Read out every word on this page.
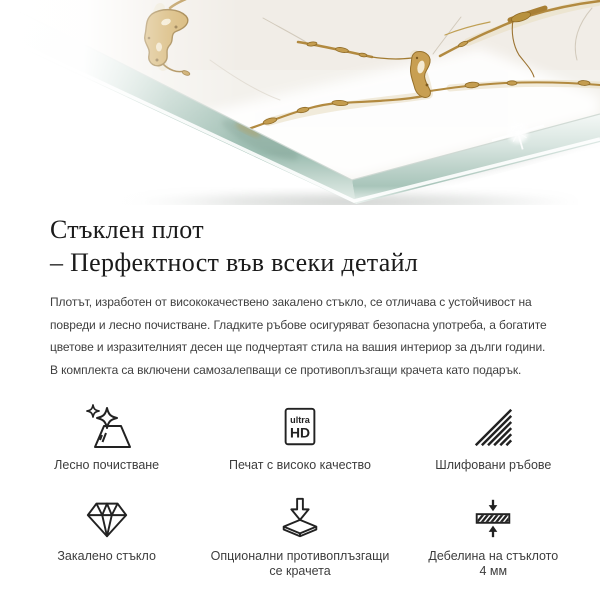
Стъклен плот
– Перфектност във всеки детайл
Плотът, изработен от висококачествено закалено стъкло, се отличава с устойчивост на
повреди и лесно почистване. Гладките ръбове осигуряват безопасна употреба, а богатите
цветове и изразителният десен ще подчертаят стила на вашия интериор за дълги години.
В комплекта са включени самозалепващи се противоплъзгащи крачета като подарък.
Лесно почистване
ultra
HD
Печат с високо качество	Шлифовани ръбове
Закалено стъкло	Опционални противоплъзгащи
се крачета
Дебелина на стъклото
4 мм
